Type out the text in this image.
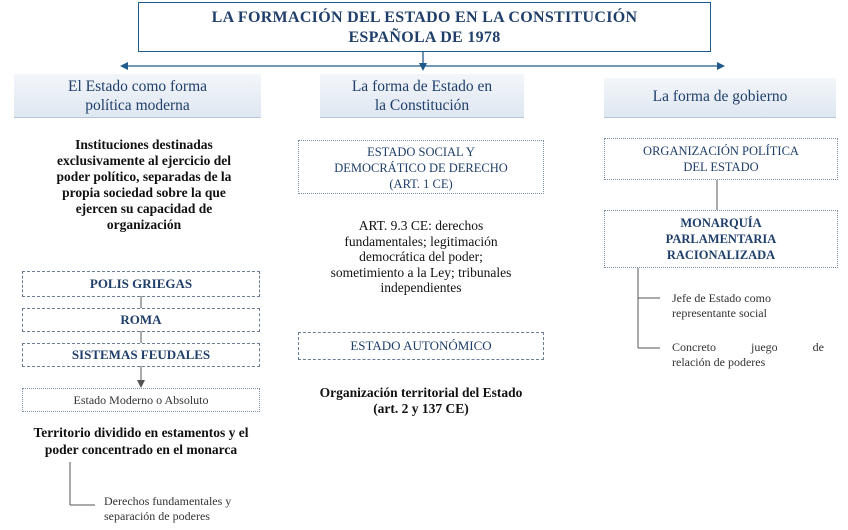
LA FORMACIÓN DEL ESTADO EN LA CONSTITUCIÓN
ESPAÑOLA DE 1978
El Estado como forma
política moderna
Instituciones destinadas
exclusivamente al ejercicio del
poder político, separadas de la
propia sociedad sobre la que
ejercen su capacidad de
organización
POLIS GRIEGAS
ROMA
SISTEMAS FEUDALES
Estado Moderno o Absoluto
Territorio dividido en estamentos y el
poder concentrado en el monarca
Derechos fundamentales y
separación de poderes
La forma de Estado en
la Constitución
ESTADO SOCIAL Y
DEMOCRÁTICO DE DERECHO
(ART. 1 CE)
ART. 9.3 CE: derechos
fundamentales; legitimación
democrática del poder;
sometimiento a la Ley; tribunales
independientes
ESTADO AUTONÓMICO
Organización territorial del Estado
(art. 2 y 137 CE)
La forma de gobierno
ORGANIZACIÓN POLÍTICA
DEL ESTADO
MONARQUÍA
PARLAMENTARIA
RACIONALIZADA
Jefe de Estado como
representante social
Concreto juego de
relación de poderes
